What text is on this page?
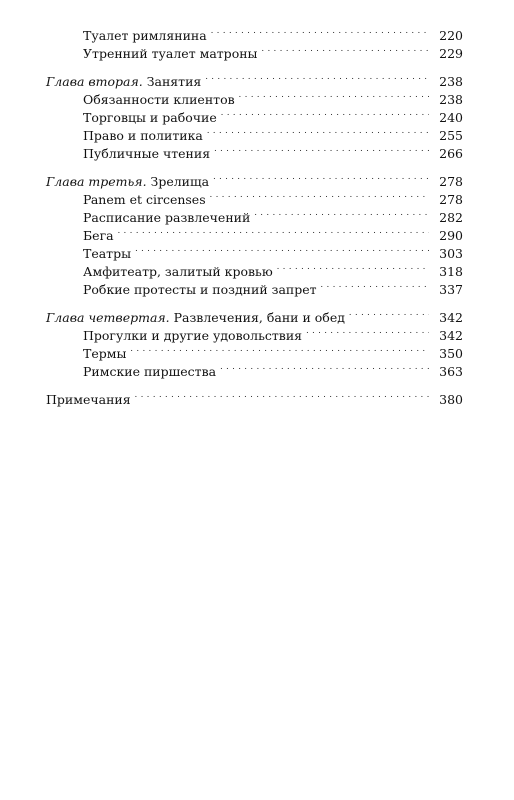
Туалет римлянина . . .	220
Утренний туалет матроны . . .	229
Глава вторая. Занятия . . .	238
Обязанности клиентов . . .	238
Торговцы и рабочие . . .	240
Право и политика . . .	255
Публичные чтения . . .	266
Глава третья. Зрелища . . .	278
Panem et circenses . . .	278
Расписание развлечений . . .	282
Бега . . .	290
Театры . . .	303
Амфитеатр, залитый кровью . . .	318
Робкие протесты и поздний запрет . . .	337
Глава четвертая. Развлечения, бани и обед . . .	342
Прогулки и другие удовольствия . . .	342
Термы . . .	350
Римские пиршества . . .	363
Примечания . . .	380
